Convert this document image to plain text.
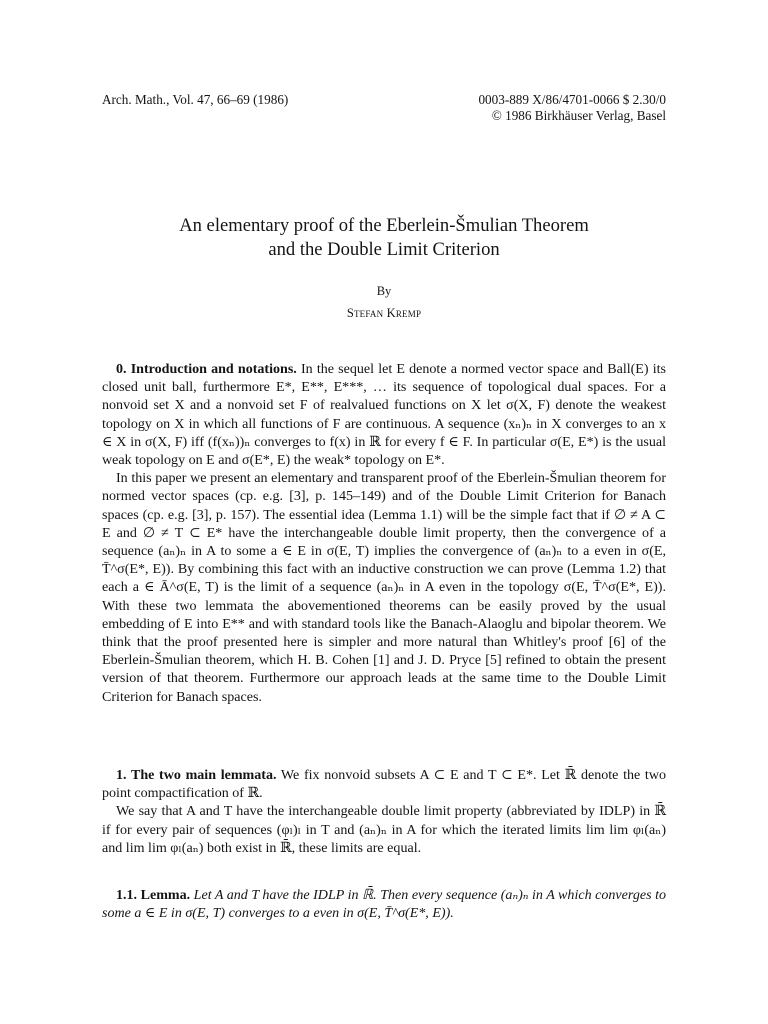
Arch. Math., Vol. 47, 66–69 (1986)	0003-889 X/86/4701-0066 $ 2.30/0
© 1986 Birkhäuser Verlag, Basel
An elementary proof of the Eberlein-Šmulian Theorem
and the Double Limit Criterion
By
Stefan Kremp

0. Introduction and notations. In the sequel let E denote a normed vector space and Ball(E) its closed unit ball, furthermore E*, E**, E***, … its sequence of topological dual spaces. For a nonvoid set X and a nonvoid set F of realvalued functions on X let σ(X, F) denote the weakest topology on X in which all functions of F are continuous. A sequence (xₙ)ₙ in X converges to an x ∈ X in σ(X, F) iff (f(xₙ))ₙ converges to f(x) in ℝ for every f ∈ F. In particular σ(E, E*) is the usual weak topology on E and σ(E*, E) the weak* topology on E*.

In this paper we present an elementary and transparent proof of the Eberlein-Šmulian theorem for normed vector spaces (cp. e.g. [3], p. 145–149) and of the Double Limit Criterion for Banach spaces (cp. e.g. [3], p. 157). The essential idea (Lemma 1.1) will be the simple fact that if ∅ ≠ A ⊂ E and ∅ ≠ T ⊂ E* have the interchangeable double limit property, then the convergence of a sequence (aₙ)ₙ in A to some a ∈ E in σ(E, T) implies the convergence of (aₙ)ₙ to a even in σ(E, T̄^σ(E*, E)). By combining this fact with an inductive construction we can prove (Lemma 1.2) that each a ∈ Ā^σ(E, T) is the limit of a sequence (aₙ)ₙ in A even in the topology σ(E, T̄^σ(E*, E)). With these two lemmata the abovementioned theorems can be easily proved by the usual embedding of E into E** and with standard tools like the Banach-Alaoglu and bipolar theorem. We think that the proof presented here is simpler and more natural than Whitley's proof [6] of the Eberlein-Šmulian theorem, which H. B. Cohen [1] and J. D. Pryce [5] refined to obtain the present version of that theorem. Furthermore our approach leads at the same time to the Double Limit Criterion for Banach spaces.

1. The two main lemmata. We fix nonvoid subsets A ⊂ E and T ⊂ E*. Let ℝ̄ denote the two point compactification of ℝ.

We say that A and T have the interchangeable double limit property (abbreviated by IDLP) in ℝ̄ if for every pair of sequences (φₗ)ₗ in T and (aₙ)ₙ in A for which the iterated limits lim lim φₗ(aₙ) and lim lim φₗ(aₙ) both exist in ℝ̄, these limits are equal.

1.1. Lemma. Let A and T have the IDLP in ℝ̄. Then every sequence (aₙ)ₙ in A which converges to some a ∈ E in σ(E, T) converges to a even in σ(E, T̄^σ(E*, E)).
